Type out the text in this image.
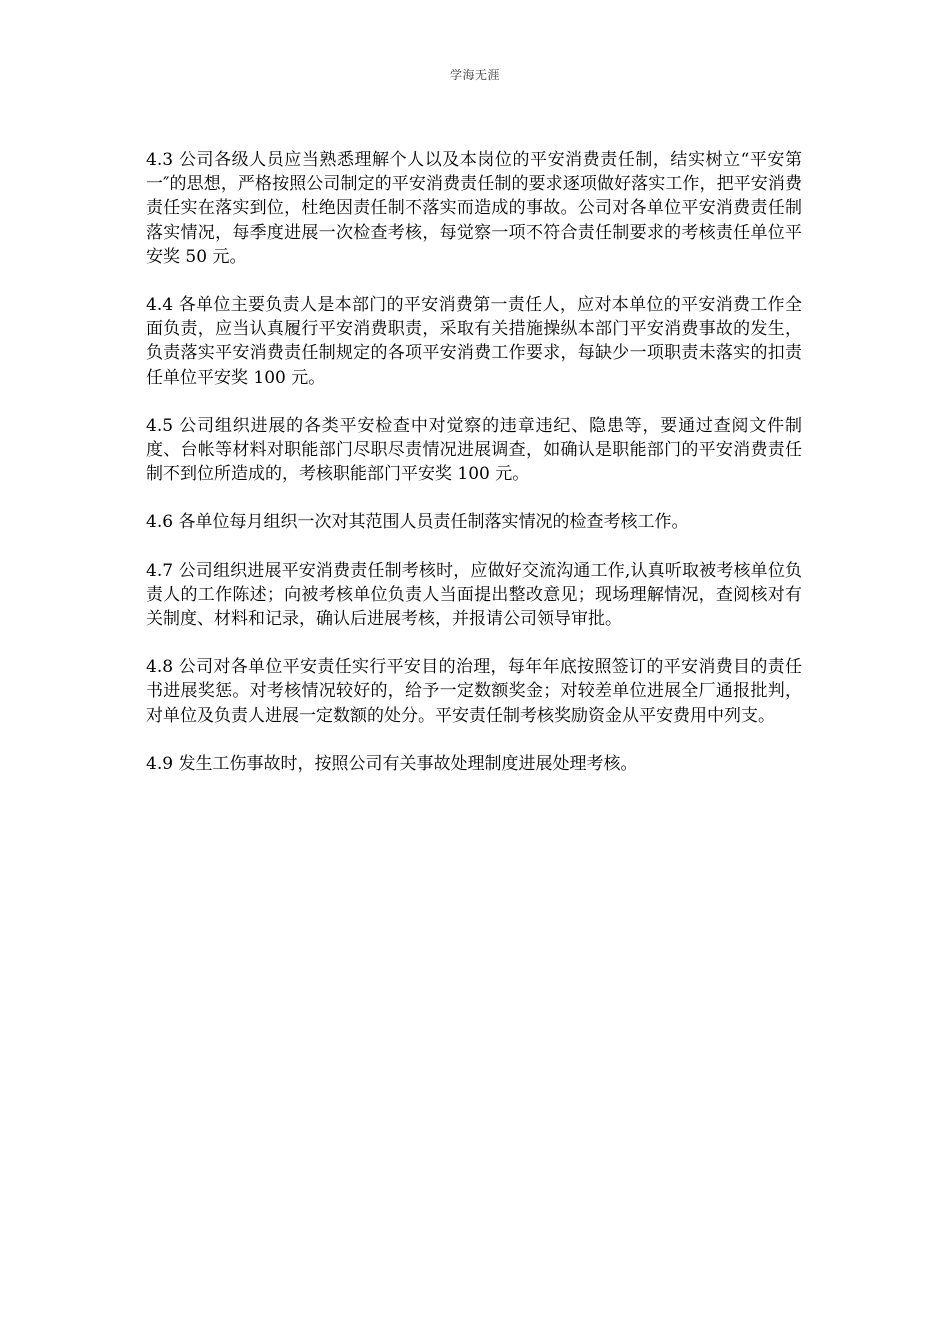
学海无涯

4.3 公司各级人员应当熟悉理解个人以及本岗位的平安消费责任制，结实树立“平安第一″的思想，严格按照公司制定的平安消费责任制的要求逐项做好落实工作，把平安消费责任实在落实到位，杜绝因责任制不落实而造成的事故。公司对各单位平安消费责任制落实情况，每季度进展一次检查考核，每觉察一项不符合责任制要求的考核责任单位平安奖 50 元。

4.4 各单位主要负责人是本部门的平安消费第一责任人，应对本单位的平安消费工作全面负责，应当认真履行平安消费职责，采取有关措施操纵本部门平安消费事故的发生，负责落实平安消费责任制规定的各项平安消费工作要求，每缺少一项职责未落实的扣责任单位平安奖 100 元。

4.5 公司组织进展的各类平安检查中对觉察的违章违纪、隐患等，要通过查阅文件制度、台帐等材料对职能部门尽职尽责情况进展调查，如确认是职能部门的平安消费责任制不到位所造成的，考核职能部门平安奖 100 元。

4.6 各单位每月组织一次对其范围人员责任制落实情况的检查考核工作。

4.7 公司组织进展平安消费责任制考核时，应做好交流沟通工作,认真听取被考核单位负责人的工作陈述；向被考核单位负责人当面提出整改意见；现场理解情况，查阅核对有关制度、材料和记录，确认后进展考核，并报请公司领导审批。

4.8 公司对各单位平安责任实行平安目的治理，每年年底按照签订的平安消费目的责任书进展奖惩。对考核情况较好的，给予一定数额奖金；对较差单位进展全厂通报批判，对单位及负责人进展一定数额的处分。平安责任制考核奖励资金从平安费用中列支。

4.9 发生工伤事故时，按照公司有关事故处理制度进展处理考核。
